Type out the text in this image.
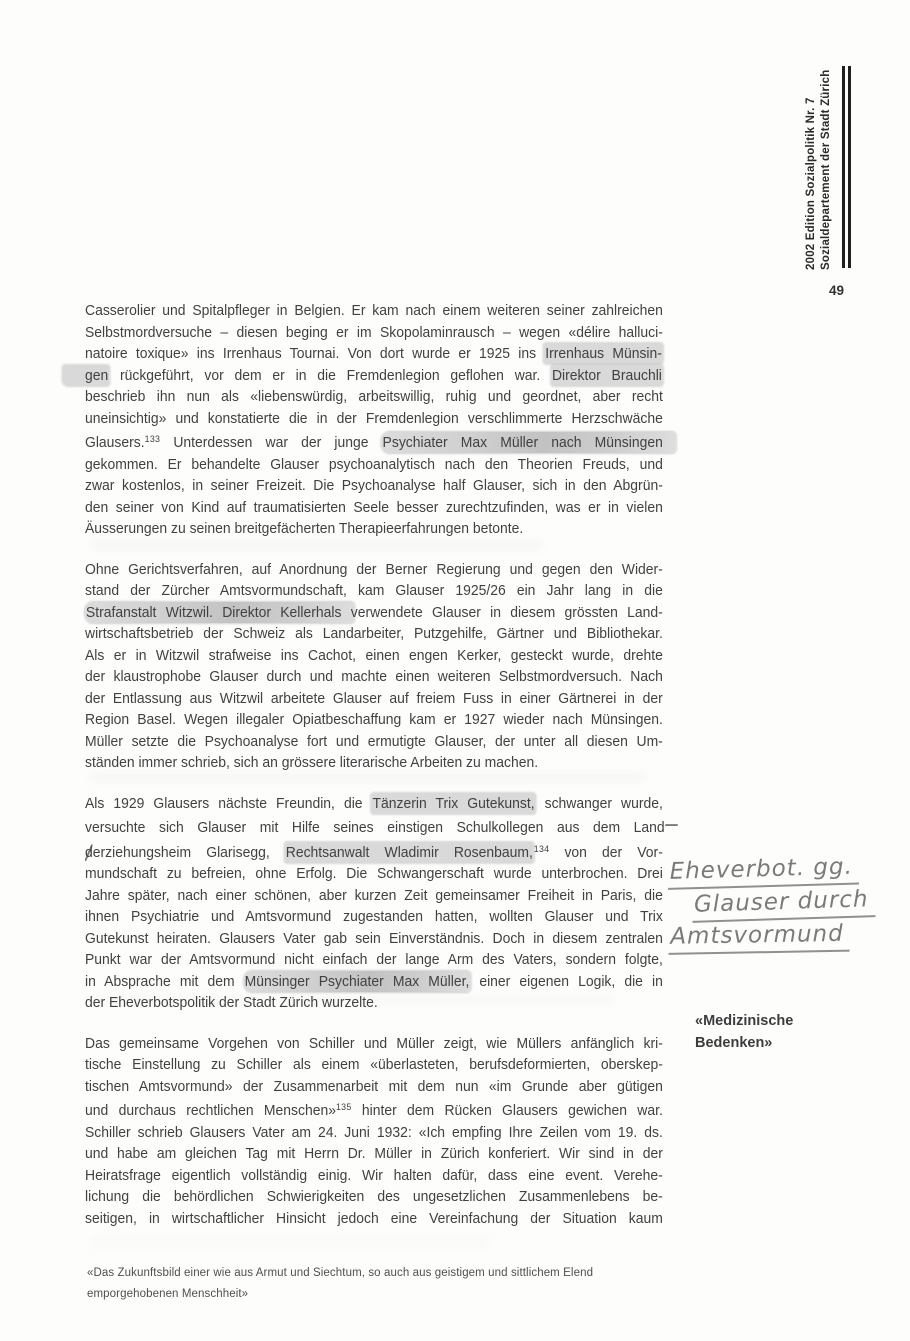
Casserolier und Spitalpfleger in Belgien. Er kam nach einem weiteren seiner zahlreichen
Selbstmordversuche – diesen beging er im Skopolaminrausch – wegen «délire halluci-
natoire toxique» ins Irrenhaus Tournai. Von dort wurde er 1925 ins Irrenhaus Münsin-
gen rückgeführt, vor dem er in die Fremdenlegion geflohen war. Direktor Brauchli
beschrieb ihn nun als «liebenswürdig, arbeitswillig, ruhig und geordnet, aber recht
uneinsichtig» und konstatierte die in der Fremdenlegion verschlimmerte Herzschwäche
Glausers.$^{133}$ Unterdessen war der junge Psychiater Max Müller nach Münsingen
gekommen. Er behandelte Glauser psychoanalytisch nach den Theorien Freuds, und
zwar kostenlos, in seiner Freizeit. Die Psychoanalyse half Glauser, sich in den Abgrün-
den seiner von Kind auf traumatisierten Seele besser zurechtzufinden, was er in vielen
Äusserungen zu seinen breitgefächerten Therapieerfahrungen betonte.
Ohne Gerichtsverfahren, auf Anordnung der Berner Regierung und gegen den Wider-
stand der Zürcher Amtsvormundschaft, kam Glauser 1925/26 ein Jahr lang in die
Strafanstalt Witzwil. Direktor Kellerhals verwendete Glauser in diesem grössten Land-
wirtschaftsbetrieb der Schweiz als Landarbeiter, Putzgehilfe, Gärtner und Bibliothekar.
Als er in Witzwil strafweise ins Cachot, einen engen Kerker, gesteckt wurde, drehte
der klaustrophobe Glauser durch und machte einen weiteren Selbstmordversuch. Nach
der Entlassung aus Witzwil arbeitete Glauser auf freiem Fuss in einer Gärtnerei in der
Region Basel. Wegen illegaler Opiatbeschaffung kam er 1927 wieder nach Münsingen.
Müller setzte die Psychoanalyse fort und ermutigte Glauser, der unter all diesen Um-
ständen immer schrieb, sich an grössere literarische Arbeiten zu machen.
Als 1929 Glausers nächste Freundin, die Tänzerin Trix Gutekunst, schwanger wurde,
versuchte sich Glauser mit Hilfe seines einstigen Schulkollegen aus dem Land—
derziehungsheim Glarisegg, Rechtsanwalt Wladimir Rosenbaum,$^{134}$ von der Vor-
mundschaft zu befreien, ohne Erfolg. Die Schwangerschaft wurde unterbrochen. Drei
Jahre später, nach einer schönen, aber kurzen Zeit gemeinsamer Freiheit in Paris, die
ihnen Psychiatrie und Amtsvormund zugestanden hatten, wollten Glauser und Trix
Gutekunst heiraten. Glausers Vater gab sein Einverständnis. Doch in diesem zentralen
Punkt war der Amtsvormund nicht einfach der lange Arm des Vaters, sondern folgte,
in Absprache mit dem Münsinger Psychiater Max Müller, einer eigenen Logik, die in
der Eheverbotspolitik der Stadt Zürich wurzelte.
Das gemeinsame Vorgehen von Schiller und Müller zeigt, wie Müllers anfänglich kri-
tische Einstellung zu Schiller als einem «überlasteten, berufsdeformierten, oberskep-
tischen Amtsvormund» der Zusammenarbeit mit dem nun «im Grunde aber gütigen
und durchaus rechtlichen Menschen»$^{135}$ hinter dem Rücken Glausers gewichen war.
Schiller schrieb Glausers Vater am 24. Juni 1932: «Ich empfing Ihre Zeilen vom 19. ds.
und habe am gleichen Tag mit Herrn Dr. Müller in Zürich konferiert. Wir sind in der
Heiratsfrage eigentlich vollständig einig. Wir halten dafür, dass eine event. Verehe-
lichung die behördlichen Schwierigkeiten des ungesetzlichen Zusammenlebens be-
seitigen, in wirtschaftlicher Hinsicht jedoch eine Vereinfachung der Situation kaum
2002 Edition Sozialpolitik Nr. 7 Sozialdepartement der Stadt Zürich
49
Eheverbot. gg.
Glauser durch
Amtsvormund
«Medizinische
Bedenken»
«Das Zukunftsbild einer wie aus Armut und Siechtum, so auch aus geistigem und sittlichem Elend
emporgehobenen Menschheit»
